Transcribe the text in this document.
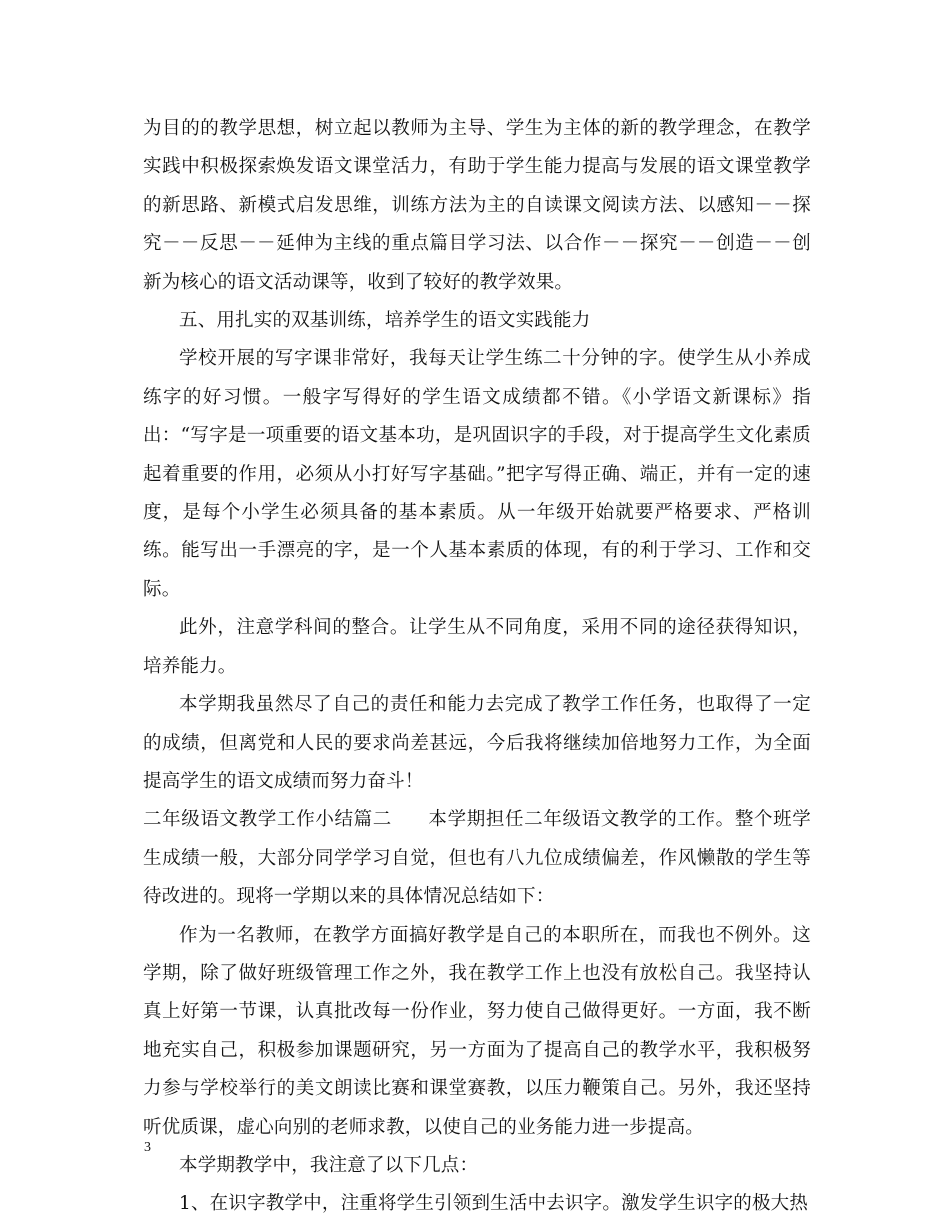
为目的的教学思想，树立起以教师为主导、学生为主体的新的教学理念，在教学实践中积极探索焕发语文课堂活力，有助于学生能力提高与发展的语文课堂教学的新思路、新模式启发思维，训练方法为主的自读课文阅读方法、以感知－－探究－－反思－－延伸为主线的重点篇目学习法、以合作－－探究－－创造－－创新为核心的语文活动课等，收到了较好的教学效果。

五、用扎实的双基训练，培养学生的语文实践能力

学校开展的写字课非常好，我每天让学生练二十分钟的字。使学生从小养成练字的好习惯。一般字写得好的学生语文成绩都不错。《小学语文新课标》指出：“写字是一项重要的语文基本功，是巩固识字的手段，对于提高学生文化素质起着重要的作用，必须从小打好写字基础。”把字写得正确、端正，并有一定的速度，是每个小学生必须具备的基本素质。从一年级开始就要严格要求、严格训练。能写出一手漂亮的字，是一个人基本素质的体现，有的利于学习、工作和交际。

此外，注意学科间的整合。让学生从不同角度，采用不同的途径获得知识，培养能力。

本学期我虽然尽了自己的责任和能力去完成了教学工作任务，也取得了一定的成绩，但离党和人民的要求尚差甚远，今后我将继续加倍地努力工作，为全面提高学生的语文成绩而努力奋斗！

二年级语文教学工作小结篇二 本学期担任二年级语文教学的工作。整个班学生成绩一般，大部分同学学习自觉，但也有八九位成绩偏差，作风懒散的学生等待改进的。现将一学期以来的具体情况总结如下：

作为一名教师，在教学方面搞好教学是自己的本职所在，而我也不例外。这学期，除了做好班级管理工作之外，我在教学工作上也没有放松自己。我坚持认真上好第一节课，认真批改每一份作业，努力使自己做得更好。一方面，我不断地充实自己，积极参加课题研究，另一方面为了提高自己的教学水平，我积极努力参与学校举行的美文朗读比赛和课堂赛教，以压力鞭策自己。另外，我还坚持听优质课，虚心向别的老师求教，以使自己的业务能力进一步提高。

本学期教学中，我注意了以下几点：

1、在识字教学中，注重将学生引领到生活中去识字。激发学生识字的极大热

3
